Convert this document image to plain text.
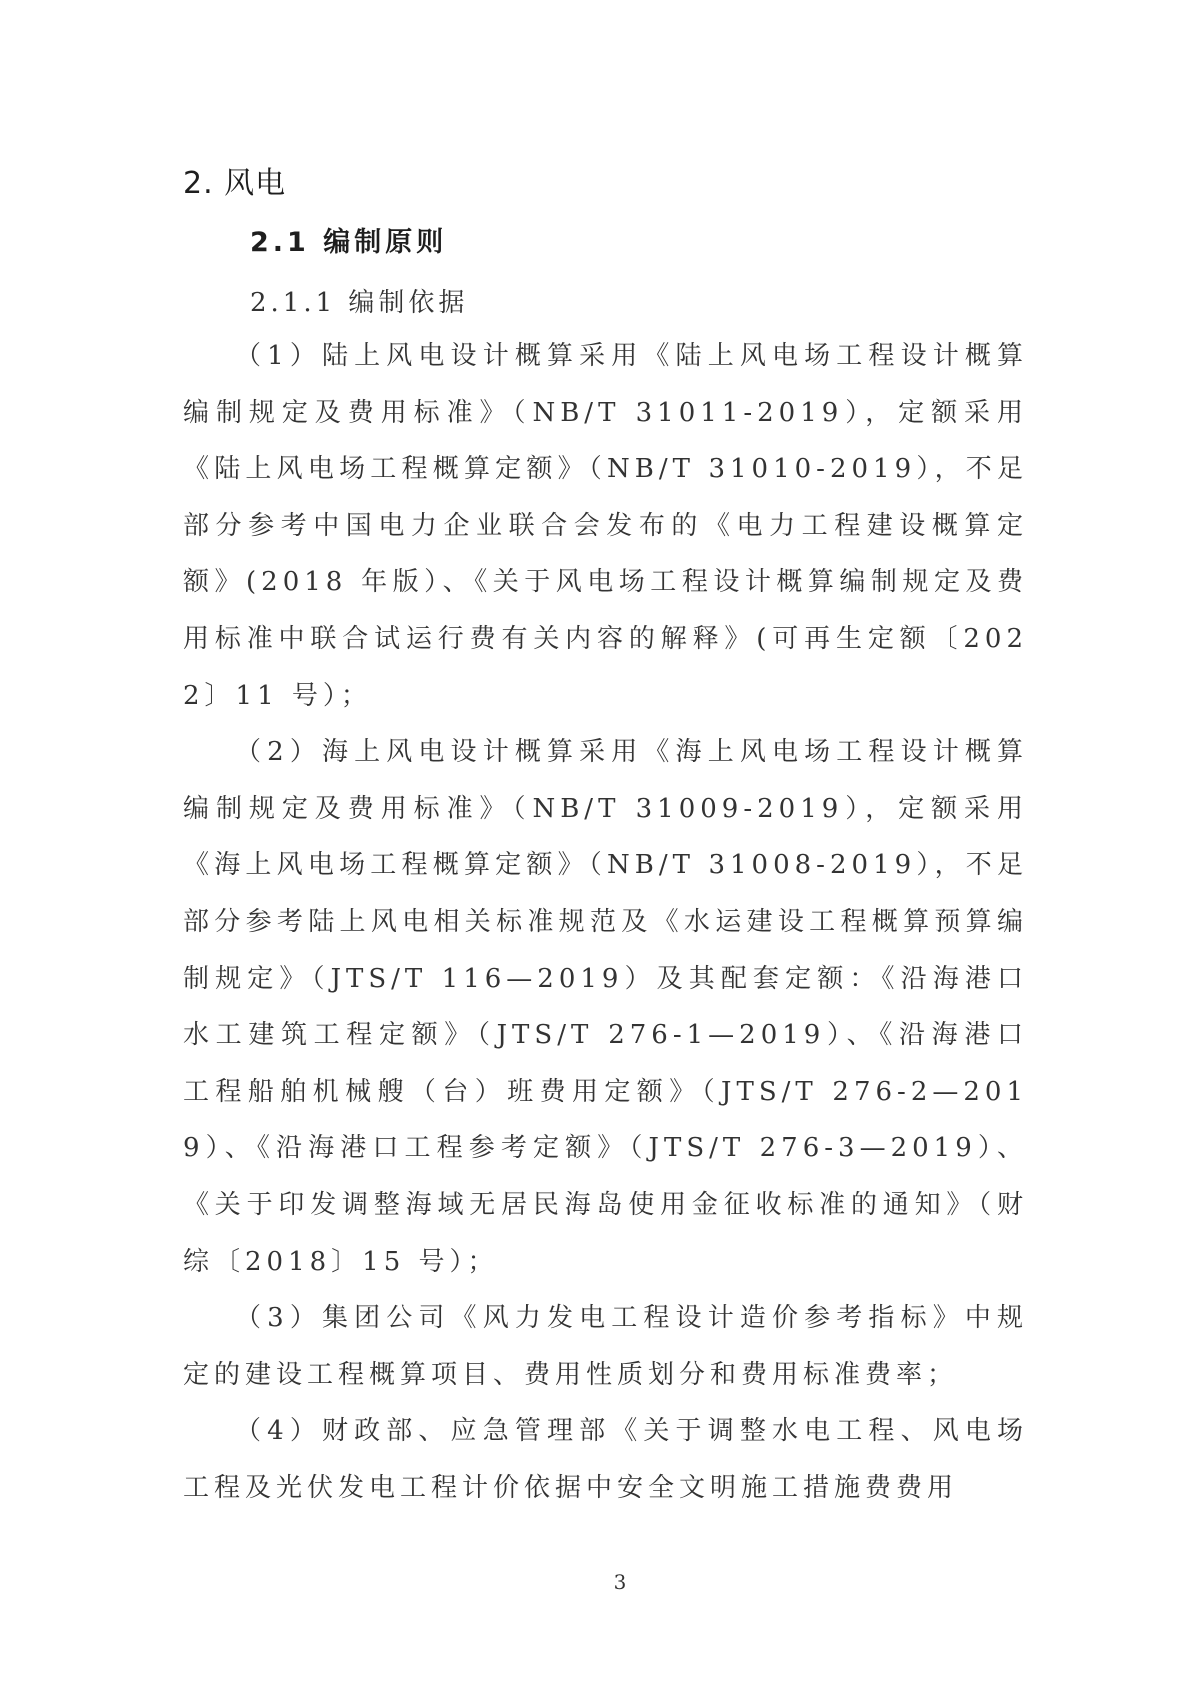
2. 风电
2.1 编制原则
2.1.1 编制依据

（1）陆上风电设计概算采用《陆上风电场工程设计概算编制规定及费用标准》（NB/T 31011-2019），定额采用《陆上风电场工程概算定额》（NB/T 31010-2019），不足部分参考中国电力企业联合会发布的《电力工程建设概算定额》(2018 年版）、《关于风电场工程设计概算编制规定及费用标准中联合试运行费有关内容的解释》(可再生定额〔2022〕11 号）；

（2）海上风电设计概算采用《海上风电场工程设计概算编制规定及费用标准》（NB/T 31009-2019），定额采用《海上风电场工程概算定额》（NB/T 31008-2019），不足部分参考陆上风电相关标准规范及《水运建设工程概算预算编制规定》（JTS/T 116—2019）及其配套定额：《沿海港口水工建筑工程定额》（JTS/T 276-1—2019）、《沿海港口工程船舶机械艘（台）班费用定额》（JTS/T 276-2—2019）、《沿海港口工程参考定额》（JTS/T 276-3—2019）、《关于印发调整海域无居民海岛使用金征收标准的通知》（财综〔2018〕15 号）；

（3）集团公司《风力发电工程设计造价参考指标》中规定的建设工程概算项目、费用性质划分和费用标准费率；

（4）财政部、应急管理部《关于调整水电工程、风电场工程及光伏发电工程计价依据中安全文明施工措施费费用

3
